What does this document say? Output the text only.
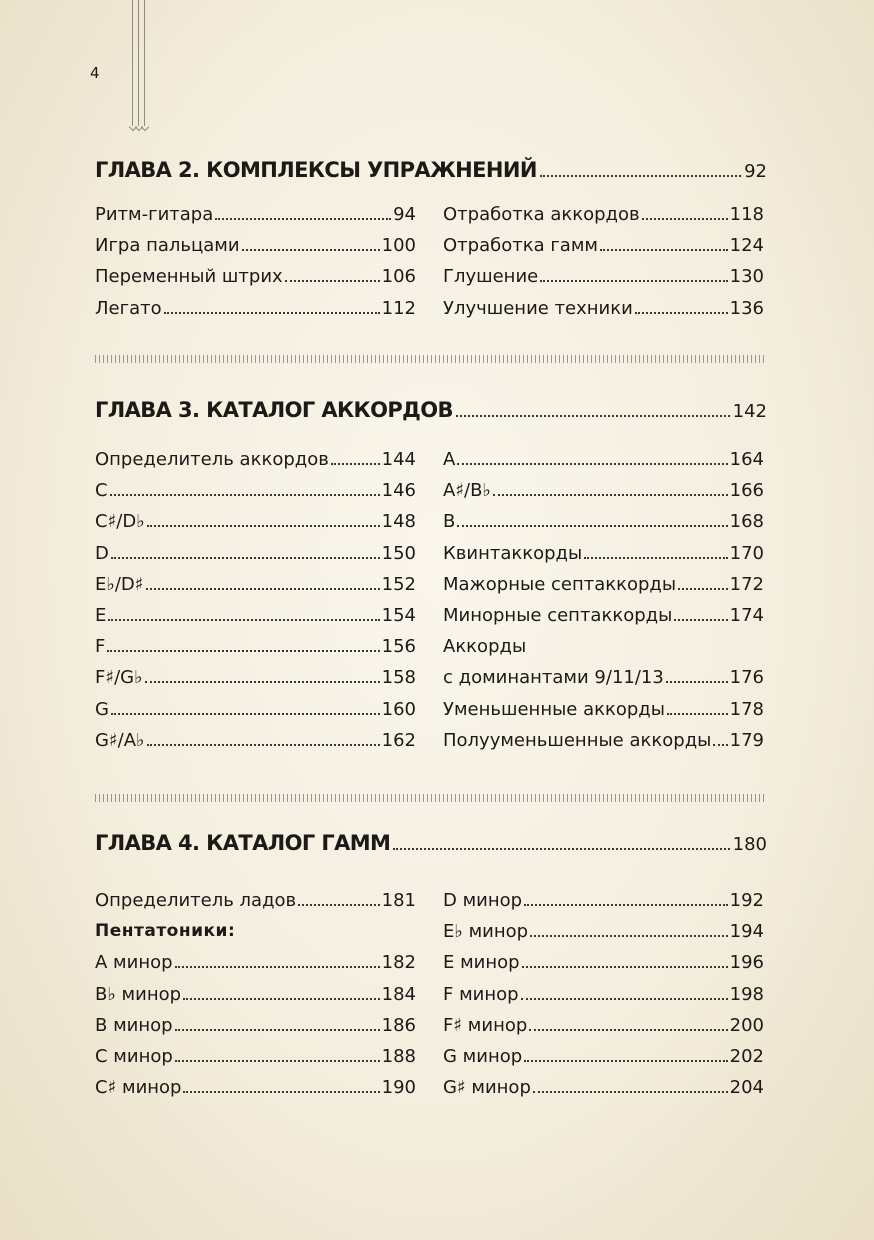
4
ГЛАВА 2. КОМПЛЕКСЫ УПРАЖНЕНИЙ	92
Ритм-гитара	94
Игра пальцами	100
Переменный штрих	106
Легато	112
Отработка аккордов	118
Отработка гамм	124
Глушение	130
Улучшение техники	136
ГЛАВА 3. КАТАЛОГ АККОРДОВ	142
Определитель аккордов	144
C	146
C♯/D♭	148
D	150
E♭/D♯	152
E	154
F	156
F♯/G♭	158
G	160
G♯/A♭	162
A	164
A♯/B♭	166
B	168
Квинтаккорды	170
Мажорные септаккорды	172
Минорные септаккорды	174
Аккорды
с доминантами 9/11/13	176
Уменьшенные аккорды	178
Полууменьшенные аккорды 179
ГЛАВА 4. КАТАЛОГ ГАММ	180
Определитель ладов	181
Пентатоники:
A минор	182
B♭ минор	184
B минор	186
C минор	188
C♯ минор	190
D минор	192
E♭ минор	194
E минор	196
F минор	198
F♯ минор	200
G минор	202
G♯ минор	204
